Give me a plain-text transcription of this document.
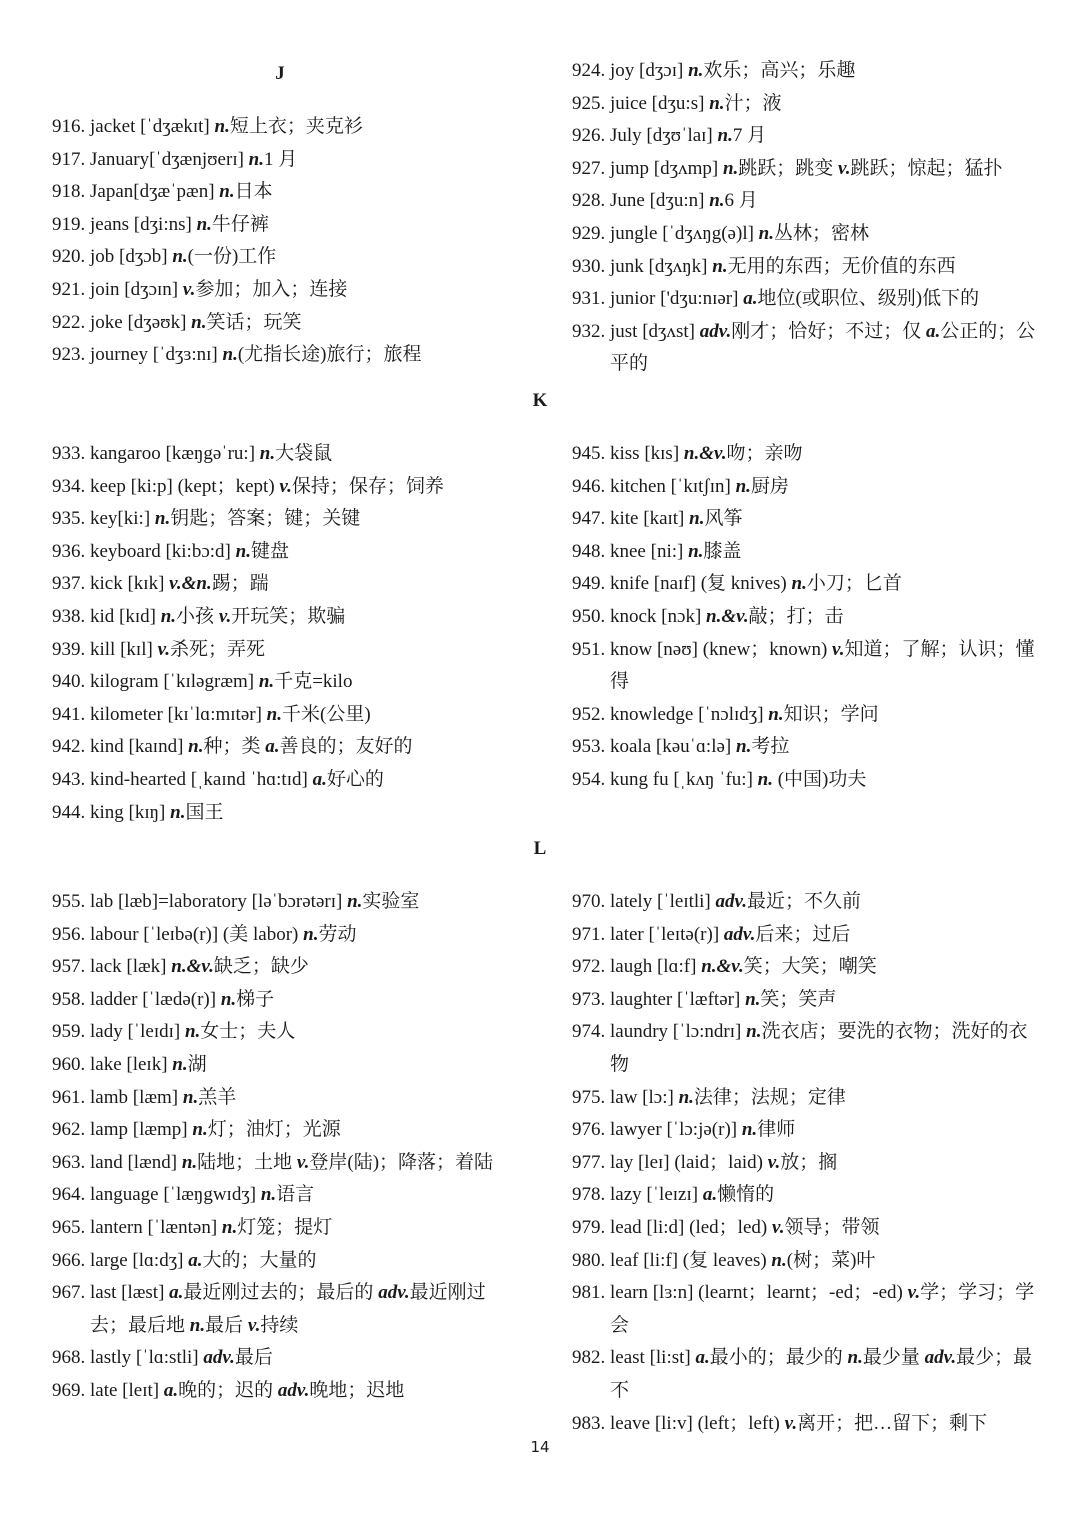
J
916. jacket [ˈdʒækɪt] n.短上衣；夹克衫
917. January[ˈdʒænjʊerɪ] n.1 月
918. Japan[dʒæˈpæn] n.日本
919. jeans [dʒi:ns] n.牛仔裤
920. job [dʒɔb] n.(一份)工作
921. join [dʒɔɪn] v.参加；加入；连接
922. joke [dʒəʊk] n.笑话；玩笑
923. journey [ˈdʒɜ:nɪ] n.(尤指长途)旅行；旅程
924. joy [dʒɔɪ] n.欢乐；高兴；乐趣
925. juice [dʒu:s] n.汁；液
926. July [dʒʊˈlaɪ] n.7 月
927. jump [dʒʌmp] n.跳跃；跳变 v.跳跃；惊起；猛扑
928. June [dʒu:n] n.6 月
929. jungle [ˈdʒʌŋg(ə)l] n.丛林；密林
930. junk [dʒʌŋk] n.无用的东西；无价值的东西
931. junior ['dʒu:nɪər] a.地位(或职位、级别)低下的
932. just [dʒʌst] adv.刚才；恰好；不过；仅 a.公正的；公平的
K
933. kangaroo [kæŋgəˈru:] n.大袋鼠
934. keep [ki:p] (kept；kept) v.保持；保存；饲养
935. key[ki:] n.钥匙；答案；键；关键
936. keyboard [ki:bɔ:d] n.键盘
937. kick [kɪk] v.&n.踢；踹
938. kid [kɪd] n.小孩 v.开玩笑；欺骗
939. kill [kɪl] v.杀死；弄死
940. kilogram [ˈkɪləgræm] n.千克=kilo
941. kilometer [kɪˈlɑ:mɪtər] n.千米(公里)
942. kind [kaɪnd] n.种；类 a.善良的；友好的
943. kind-hearted [ˌkaɪnd ˈhɑ:tɪd] a.好心的
944. king [kɪŋ] n.国王
945. kiss [kɪs] n.&v.吻；亲吻
946. kitchen [ˈkɪtʃɪn] n.厨房
947. kite [kaɪt] n.风筝
948. knee [ni:] n.膝盖
949. knife [naɪf] (复 knives) n.小刀；匕首
950. knock [nɔk] n.&v.敲；打；击
951. know [nəʊ] (knew；known) v.知道；了解；认识；懂得
952. knowledge [ˈnɔlɪdʒ] n.知识；学问
953. koala [kəuˈɑ:lə] n.考拉
954. kung fu [ˌkʌŋ ˈfu:] n. (中国)功夫
L
955. lab [læb]=laboratory [ləˈbɔrətərɪ] n.实验室
956. labour [ˈleɪbə(r)] (美 labor) n.劳动
957. lack [læk] n.&v.缺乏；缺少
958. ladder [ˈlædə(r)] n.梯子
959. lady [ˈleɪdɪ] n.女士；夫人
960. lake [leɪk] n.湖
961. lamb [læm] n.羔羊
962. lamp [læmp] n.灯；油灯；光源
963. land [lænd] n.陆地；土地 v.登岸(陆)；降落；着陆
964. language [ˈlæŋgwɪdʒ] n.语言
965. lantern [ˈlæntən] n.灯笼；提灯
966. large [lɑ:dʒ] a.大的；大量的
967. last [læst] a.最近刚过去的；最后的 adv.最近刚过去；最后地 n.最后 v.持续
968. lastly [ˈlɑ:stli] adv.最后
969. late [leɪt] a.晚的；迟的 adv.晚地；迟地
970. lately [ˈleɪtli] adv.最近；不久前
971. later [ˈleɪtə(r)] adv.后来；过后
972. laugh [lɑ:f] n.&v.笑；大笑；嘲笑
973. laughter [ˈlæftər] n.笑；笑声
974. laundry [ˈlɔ:ndrɪ] n.洗衣店；要洗的衣物；洗好的衣物
975. law [lɔ:] n.法律；法规；定律
976. lawyer [ˈlɔ:jə(r)] n.律师
977. lay [leɪ] (laid；laid) v.放；搁
978. lazy [ˈleɪzɪ] a.懒惰的
979. lead [li:d] (led；led) v.领导；带领
980. leaf [li:f] (复 leaves) n.(树；菜)叶
981. learn [lɜ:n] (learnt；learnt；-ed；-ed) v.学；学习；学会
982. least [li:st] a.最小的；最少的 n.最少量 adv.最少；最不
983. leave [li:v] (left；left) v.离开；把…留下；剩下
14
